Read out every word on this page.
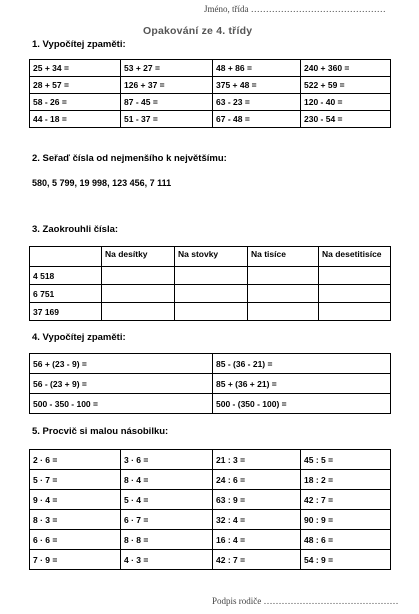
Jméno, třída ………………………………………
Opakování ze 4. třídy
1. Vypočítej zpaměti:
25 + 34 =	53 + 27 =	48 + 86 =	240 + 360 =
28 + 57 =	126 + 37 =	375 + 48 =	522 + 59 =
58 - 26 =	87 - 45 =	63 - 23 =	120 - 40 =
44 - 18 =	51 - 37 =	67 - 48 =	230 - 54 =
2. Seřaď čísla od nejmenšího k největšímu:
580, 5 799, 19 998, 123 456, 7 111
3. Zaokrouhli čísla:
	Na desítky	Na stovky	Na tisíce	Na desetitisíce
4 518				
6 751				
37 169				
4. Vypočítej zpaměti:
56 + (23 - 9) =	85 - (36 - 21) =
56 - (23 + 9) =	85 + (36 + 21) =
500 - 350 - 100 =	500 - (350 - 100) =
5. Procvič si malou násobilku:
2 · 6 =	3 · 6 =	21 : 3 =	45 : 5 =
5 · 7 =	8 · 4 =	24 : 6 =	18 : 2 =
9 · 4 =	5 · 4 =	63 : 9 =	42 : 7 =
8 · 3 =	6 · 7 =	32 : 4 =	90 : 9 =
6 · 6 =	8 · 8 =	16 : 4 =	48 : 6 =
7 · 9 =	4 · 3 =	42 : 7 =	54 : 9 =
Podpis rodiče ………………………………………
